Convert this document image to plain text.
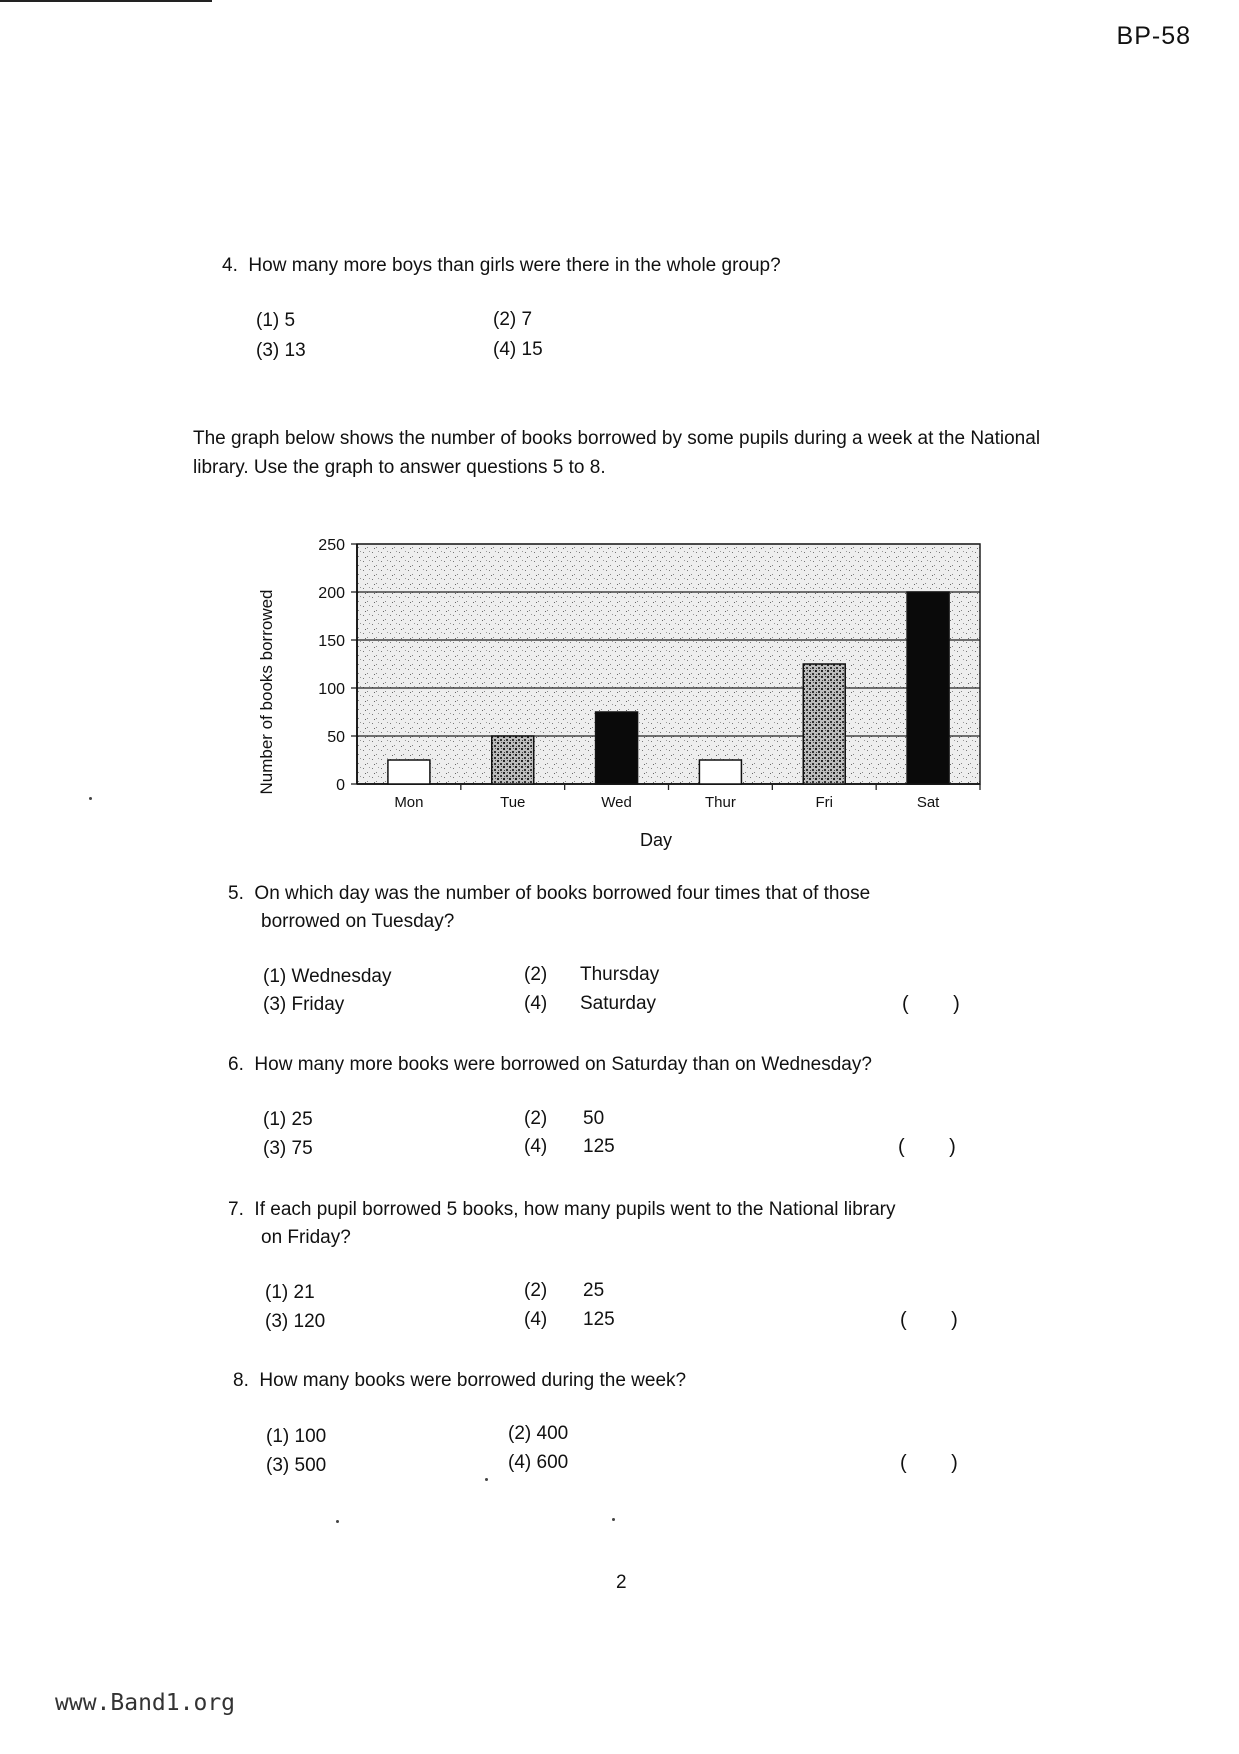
BP-58
4. How many more boys than girls were there in the whole group?
(1) 5	(2) 7
(3) 13	(4) 15
The graph below shows the number of books borrowed by some pupils during a week at the National library. Use the graph to answer questions 5 to 8.
0
50
100
150
200
250
Mon	Tue	Wed	Thur	Fri	Sat
Number of books borrowed
Day
5. On which day was the number of books borrowed four times that of those
borrowed on Tuesday?
(1) Wednesday	(2) Thursday
(3) Friday	(4) Saturday	(        )
6. How many more books were borrowed on Saturday than on Wednesday?
(1) 25	(2) 50
(3) 75	(4) 125	(        )
7. If each pupil borrowed 5 books, how many pupils went to the National library
on Friday?
(1) 21	(2) 25
(3) 120	(4) 125	(        )
8. How many books were borrowed during the week?
(1) 100	(2) 400
(3) 500	(4) 600	(        )
2
www.Band1.org
